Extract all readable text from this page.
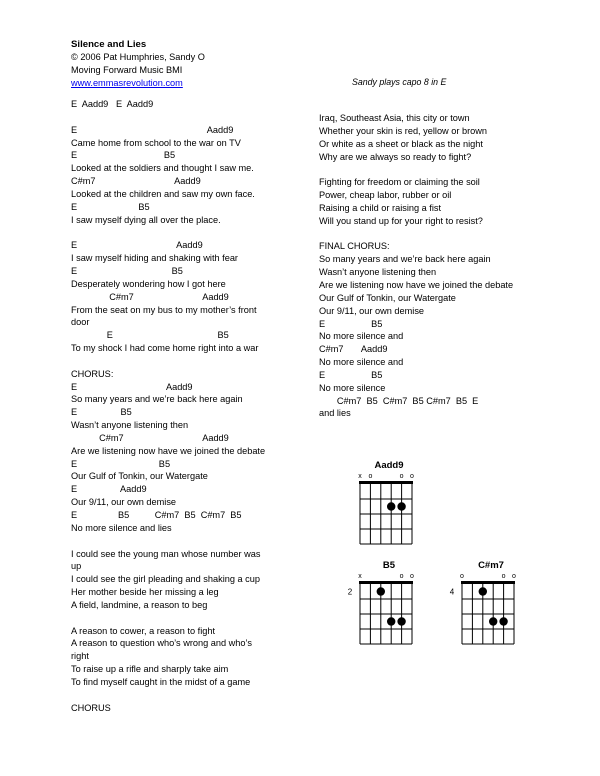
Silence and Lies
© 2006 Pat Humphries, Sandy O
Moving Forward Music BMI
www.emmasrevolution.com	Sandy plays capo 8 in E
E  Aadd9   E  Aadd9
E                                                   Aadd9
Came home from school to the war on TV
E                                  B5
Looked at the soldiers and thought I saw me.
C#m7                               Aadd9
Looked at the children and saw my own face.
E                        B5
I saw myself dying all over the place.
E                                       Aadd9
I saw myself hiding and shaking with fear
E                                     B5
Desperately wondering how I got here
C#m7                           Aadd9
From the seat on my bus to my mother’s front
door
E                                         B5
To my shock I had come home right into a war
CHORUS:
E                                   Aadd9
So many years and we’re back here again
E                 B5
Wasn’t anyone listening then
C#m7                               Aadd9
Are we listening now have we joined the debate
E                                B5
Our Gulf of Tonkin, our Watergate
E                 Aadd9
Our 9/11, our own demise
E                B5          C#m7  B5  C#m7  B5
No more silence and lies
I could see the young man whose number was
up
I could see the girl pleading and shaking a cup
Her mother beside her missing a leg
A field, landmine, a reason to beg
A reason to cower, a reason to fight
A reason to question who’s wrong and who’s
right
To raise up a rifle and sharply take aim
To find myself caught in the midst of a game
CHORUS
Iraq, Southeast Asia, this city or town
Whether your skin is red, yellow or brown
Or white as a sheet or black as the night
Why are we always so ready to fight?
Fighting for freedom or claiming the soil
Power, cheap labor, rubber or oil
Raising a child or raising a fist
Will you stand up for your right to resist?
FINAL CHORUS:
So many years and we’re back here again
Wasn’t anyone listening then
Are we listening now have we joined the debate
Our Gulf of Tonkin, our Watergate
Our 9/11, our own demise
E                  B5
No more silence and
C#m7       Aadd9
No more silence and
E                  B5
No more silence
C#m7  B5  C#m7  B5 C#m7  B5  E
and lies
Aadd9
x o	o o
B5
x	o o
2
C#m7
o	o o
4
